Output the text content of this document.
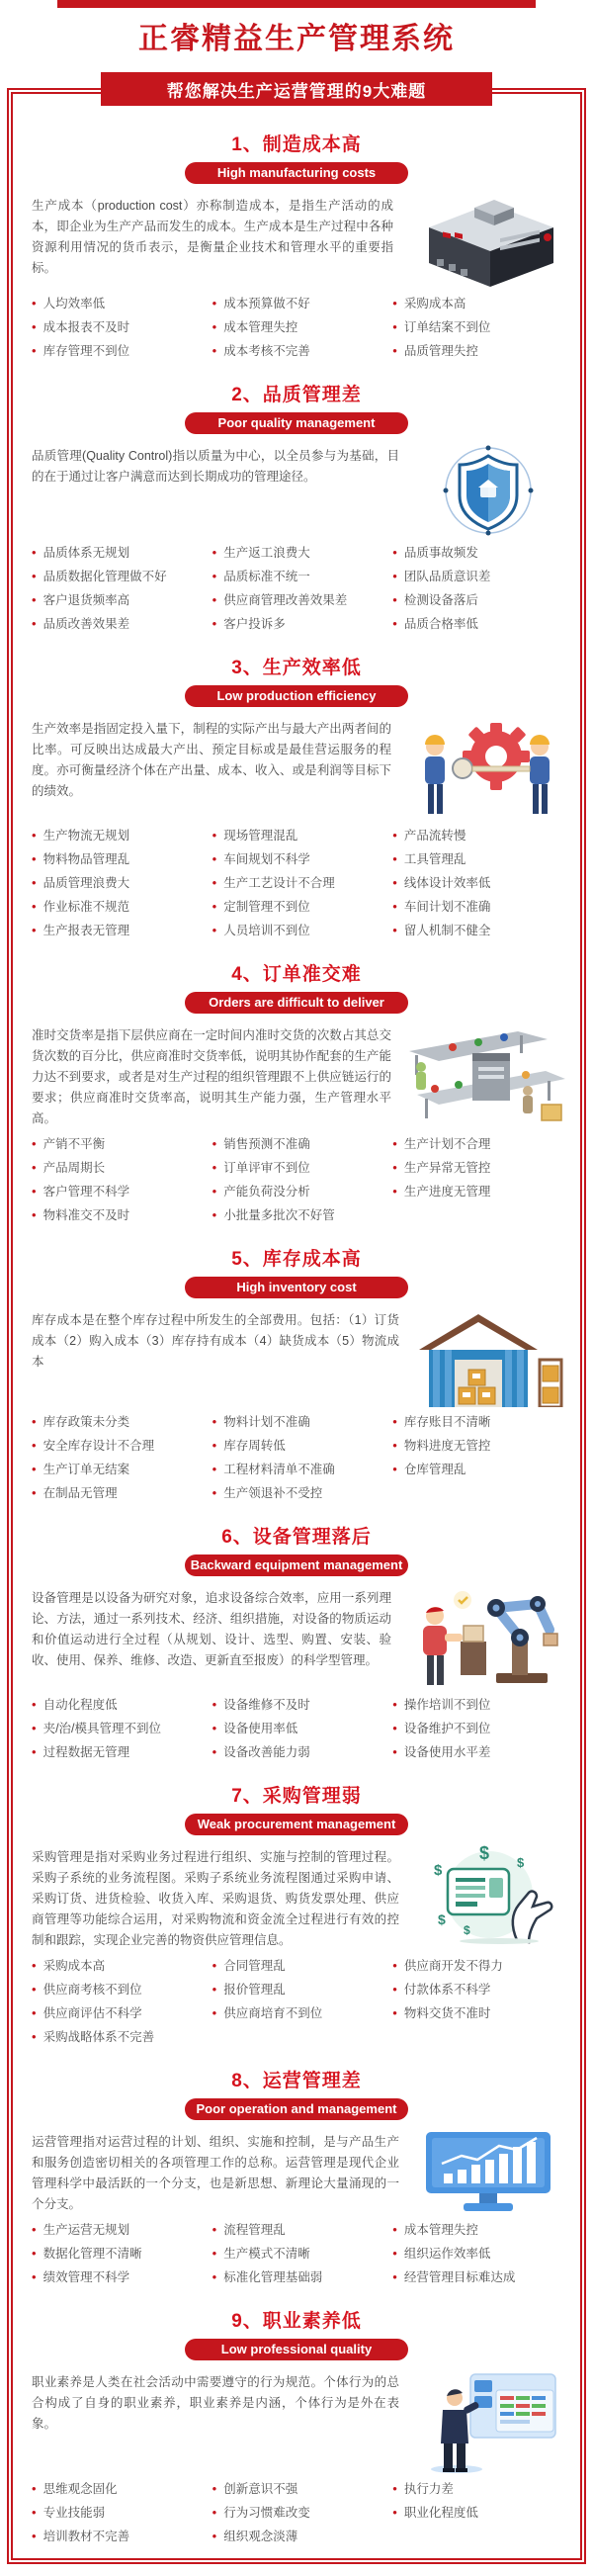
正睿精益生产管理系统
帮您解决生产运营管理的9大难题
1、制造成本高
High manufacturing costs

生产成本（production cost）亦称制造成本，是指生产活动的成本，即企业为生产产品而发生的成本。生产成本是生产过程中各种资源利用情况的货币表示，是衡量企业技术和管理水平的重要指标。

• 人均效率低
• 成本报表不及时
• 库存管理不到位
• 成本预算做不好
• 成本管理失控
• 成本考核不完善
• 采购成本高
• 订单结案不到位
• 品质管理失控
2、品质管理差
Poor quality management

品质管理(Quality Control)指以质量为中心，以全员参与为基础，目的在于通过让客户满意而达到长期成功的管理途径。

• 品质体系无规划
• 品质数据化管理做不好
• 客户退货频率高
• 品质改善效果差
• 生产返工浪费大
• 品质标准不统一
• 供应商管理改善效果差
• 客户投诉多
• 品质事故频发
• 团队品质意识差
• 检测设备落后
• 品质合格率低
3、生产效率低
Low production efficiency

生产效率是指固定投入量下，制程的实际产出与最大产出两者间的比率。可反映出达成最大产出、预定目标或是最佳营运服务的程度。亦可衡量经济个体在产出量、成本、收入、或是利润等目标下的绩效。

• 生产物流无规划
• 物料物品管理乱
• 品质管理浪费大
• 作业标准不规范
• 生产报表无管理
• 现场管理混乱
• 车间规划不科学
• 生产工艺设计不合理
• 定制管理不到位
• 人员培训不到位
• 产品流转慢
• 工具管理乱
• 线体设计效率低
• 车间计划不准确
• 留人机制不健全
4、订单准交难
Orders are difficult to deliver

准时交货率是指下层供应商在一定时间内准时交货的次数占其总交货次数的百分比，供应商准时交货率低，说明其协作配套的生产能力达不到要求，或者是对生产过程的组织管理跟不上供应链运行的要求；供应商准时交货率高，说明其生产能力强，生产管理水平高。

• 产销不平衡
• 产品周期长
• 客户管理不科学
• 物料准交不及时
• 销售预测不准确
• 订单评审不到位
• 产能负荷没分析
• 小批量多批次不好管
• 生产计划不合理
• 生产异常无管控
• 生产进度无管理
5、库存成本高
High inventory cost

库存成本是在整个库存过程中所发生的全部费用。包括：（1）订货成本（2）购入成本（3）库存持有成本（4）缺货成本（5）物流成本

• 库存政策未分类
• 安全库存设计不合理
• 生产订单无结案
• 在制品无管理
• 物料计划不准确
• 库存周转低
• 工程材料清单不准确
• 生产领退补不受控
• 库存账目不清晰
• 物料进度无管控
• 仓库管理乱
6、设备管理落后
Backward equipment management

设备管理是以设备为研究对象，追求设备综合效率，应用一系列理论、方法，通过一系列技术、经济、组织措施，对设备的物质运动和价值运动进行全过程（从规划、设计、选型、购置、安装、验收、使用、保养、维修、改造、更新直至报废）的科学型管理。

• 自动化程度低
• 夹/治/模具管理不到位
• 过程数据无管理
• 设备维修不及时
• 设备使用率低
• 设备改善能力弱
• 操作培训不到位
• 设备维护不到位
• 设备使用水平差
7、采购管理弱
Weak procurement management

采购管理是指对采购业务过程进行组织、实施与控制的管理过程。采购子系统的业务流程图。采购子系统业务流程图通过采购申请、采购订货、进货检验、收货入库、采购退货、购货发票处理、供应商管理等功能综合运用，对采购物流和资金流全过程进行有效的控制和跟踪，实现企业完善的物资供应管理信息。

$
$ $
$
$
• 采购成本高
• 供应商考核不到位
• 供应商评估不科学
• 采购战略体系不完善
• 合同管理乱
• 报价管理乱
• 供应商培育不到位
• 供应商开发不得力
• 付款体系不科学
• 物料交货不准时
8、运营管理差
Poor operation and management

运营管理指对运营过程的计划、组织、实施和控制，是与产品生产和服务创造密切相关的各项管理工作的总称。运营管理是现代企业管理科学中最活跃的一个分支，也是新思想、新理论大量涌现的一个分支。

• 生产运营无规划
• 数据化管理不清晰
• 绩效管理不科学
• 流程管理乱
• 生产模式不清晰
• 标准化管理基础弱
• 成本管理失控
• 组织运作效率低
• 经营管理目标难达成
9、职业素养低
Low professional quality

职业素养是人类在社会活动中需要遵守的行为规范。个体行为的总合构成了自身的职业素养，职业素养是内涵，个体行为是外在表象。

• 思维观念固化
• 专业技能弱
• 培训教材不完善
• 创新意识不强
• 行为习惯难改变
• 组织观念淡薄
• 执行力差
• 职业化程度低
